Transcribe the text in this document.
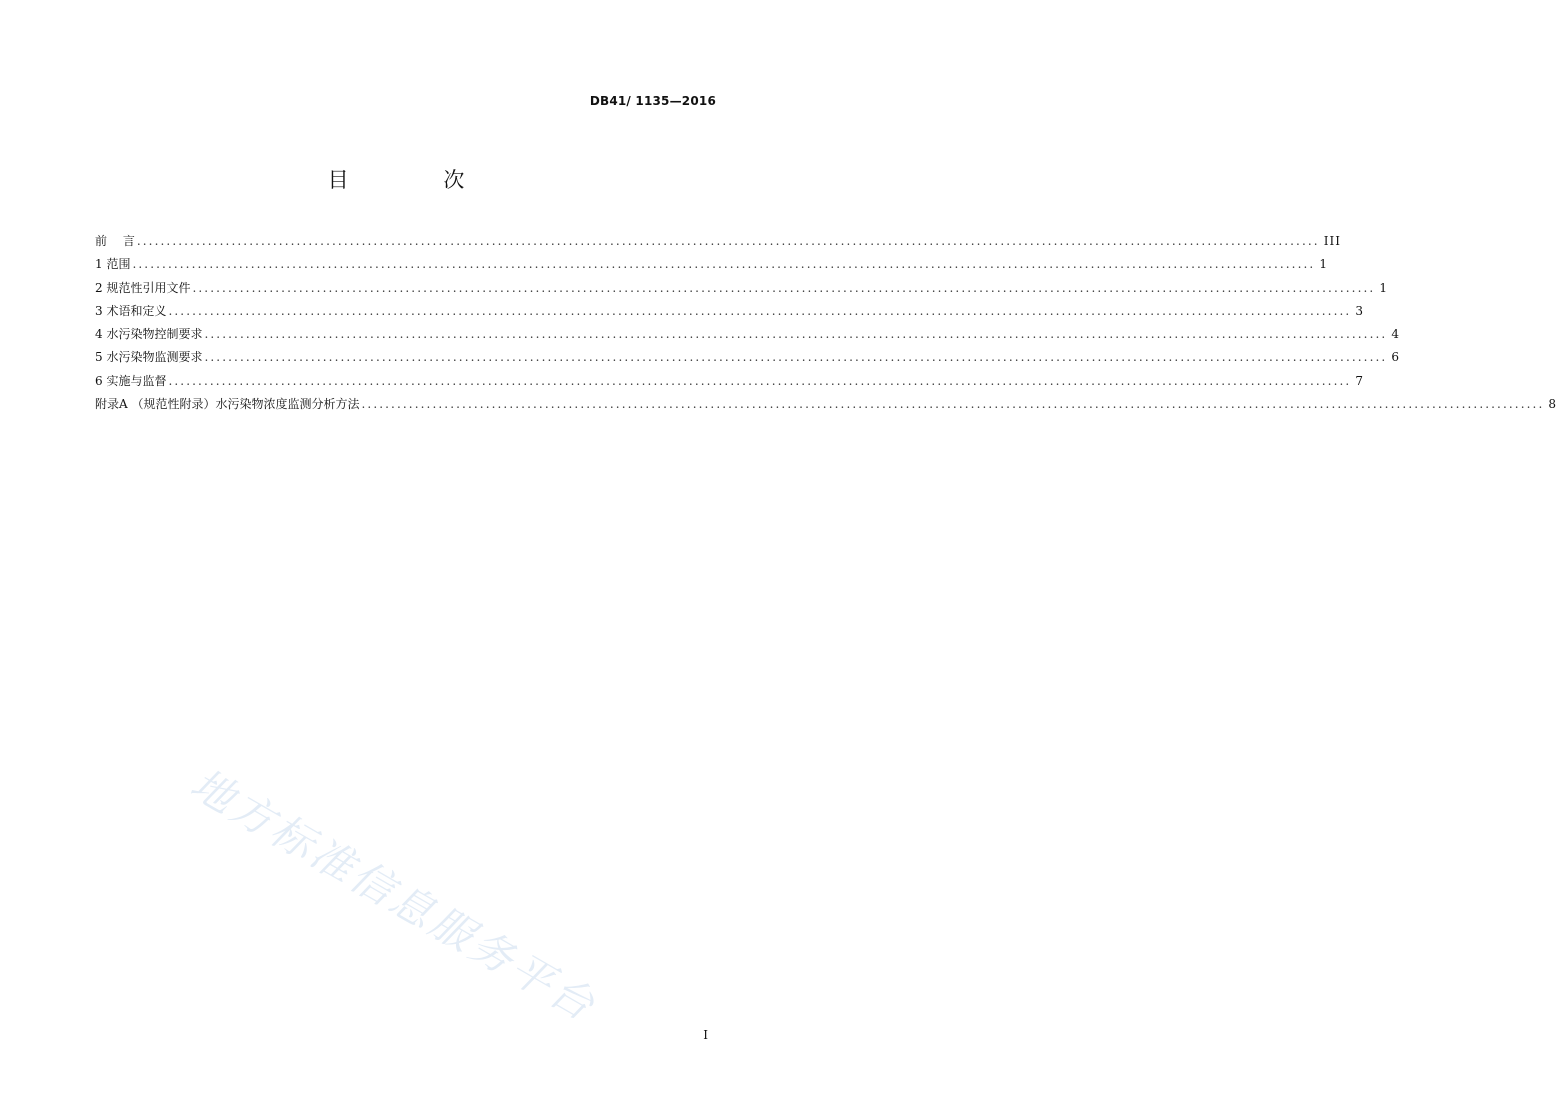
DB41/ 1135—2016
目 次
前　 言 ........................................................................................................................................................................................................ III
1 范围 ........................................................................................................................................................................................................ 1
2 规范性引用文件 ........................................................................................................................................................................................................ 1
3 术语和定义 ........................................................................................................................................................................................................ 3
4 水污染物控制要求 ........................................................................................................................................................................................................ 4
5 水污染物监测要求 ........................................................................................................................................................................................................ 6
6 实施与监督 ........................................................................................................................................................................................................ 7
附录A （规范性附录）水污染物浓度监测分析方法 ........................................................................................................................................................................................................ 8
地方标准信息服务平台
I
